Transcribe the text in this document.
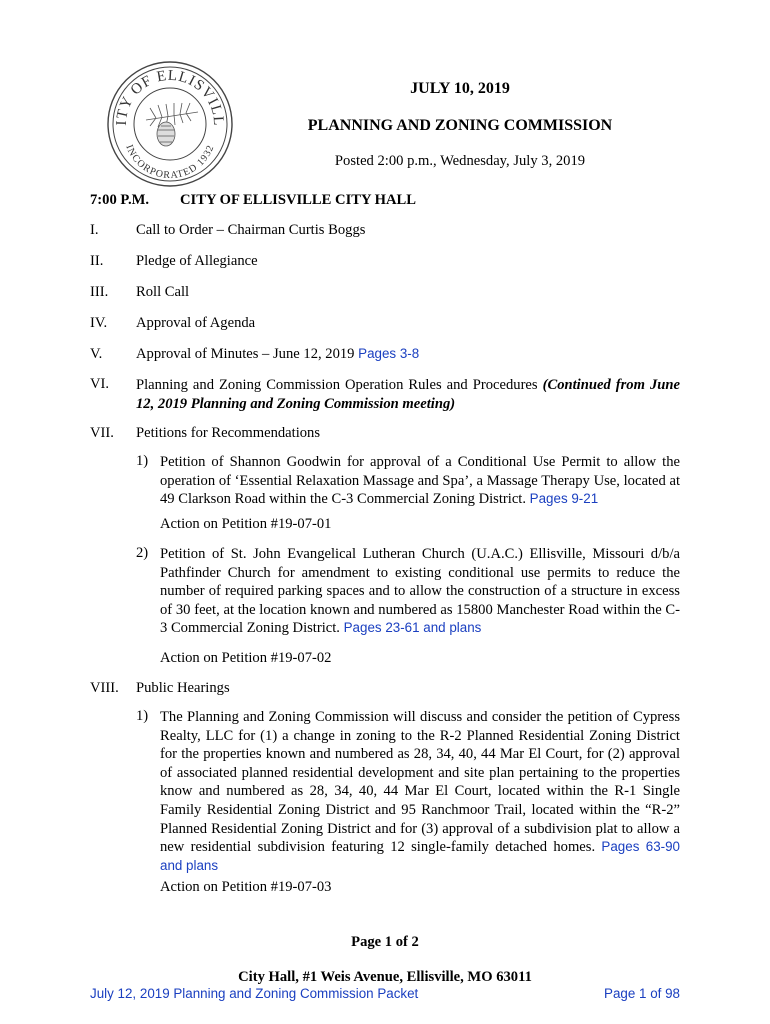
ITY OF ELLISVILL
INCORPORATED 1932
JULY 10, 2019
PLANNING AND ZONING COMMISSION
Posted 2:00 p.m., Wednesday, July 3, 2019
7:00 P.M. CITY OF ELLISVILLE CITY HALL
I.	Call to Order – Chairman Curtis Boggs
II. Pledge of Allegiance
III. Roll Call
IV. Approval of Agenda
V. Approval of Minutes – June 12, 2019 Pages 3-8
VI. Planning and Zoning Commission Operation Rules and Procedures (Continued from June 12, 2019 Planning and Zoning Commission meeting)
VII. Petitions for Recommendations
1) Petition of Shannon Goodwin for approval of a Conditional Use Permit to allow the operation of ‘Essential Relaxation Massage and Spa’, a Massage Therapy Use, located at 49 Clarkson Road within the C-3 Commercial Zoning District. Pages 9-21
Action on Petition #19-07-01
2) Petition of St. John Evangelical Lutheran Church (U.A.C.) Ellisville, Missouri d/b/a Pathfinder Church for amendment to existing conditional use permits to reduce the number of required parking spaces and to allow the construction of a structure in excess of 30 feet, at the location known and numbered as 15800 Manchester Road within the C-3 Commercial Zoning District. Pages 23-61 and plans
Action on Petition #19-07-02
VIII. Public Hearings
1) The Planning and Zoning Commission will discuss and consider the petition of Cypress Realty, LLC for (1) a change in zoning to the R-2 Planned Residential Zoning District for the properties known and numbered as 28, 34, 40, 44 Mar El Court, for (2) approval of associated planned residential development and site plan pertaining to the properties know and numbered as 28, 34, 40, 44 Mar El Court, located within the R-1 Single Family Residential Zoning District and 95 Ranchmoor Trail, located within the “R-2” Planned Residential Zoning District and for (3) approval of a subdivision plat to allow a new residential subdivision featuring 12 single-family detached homes. Pages 63-90 and plans
Action on Petition #19-07-03
Page 1 of 2
City Hall, #1 Weis Avenue, Ellisville, MO 63011
July 12, 2019 Planning and Zoning Commission Packet	Page 1 of 98
